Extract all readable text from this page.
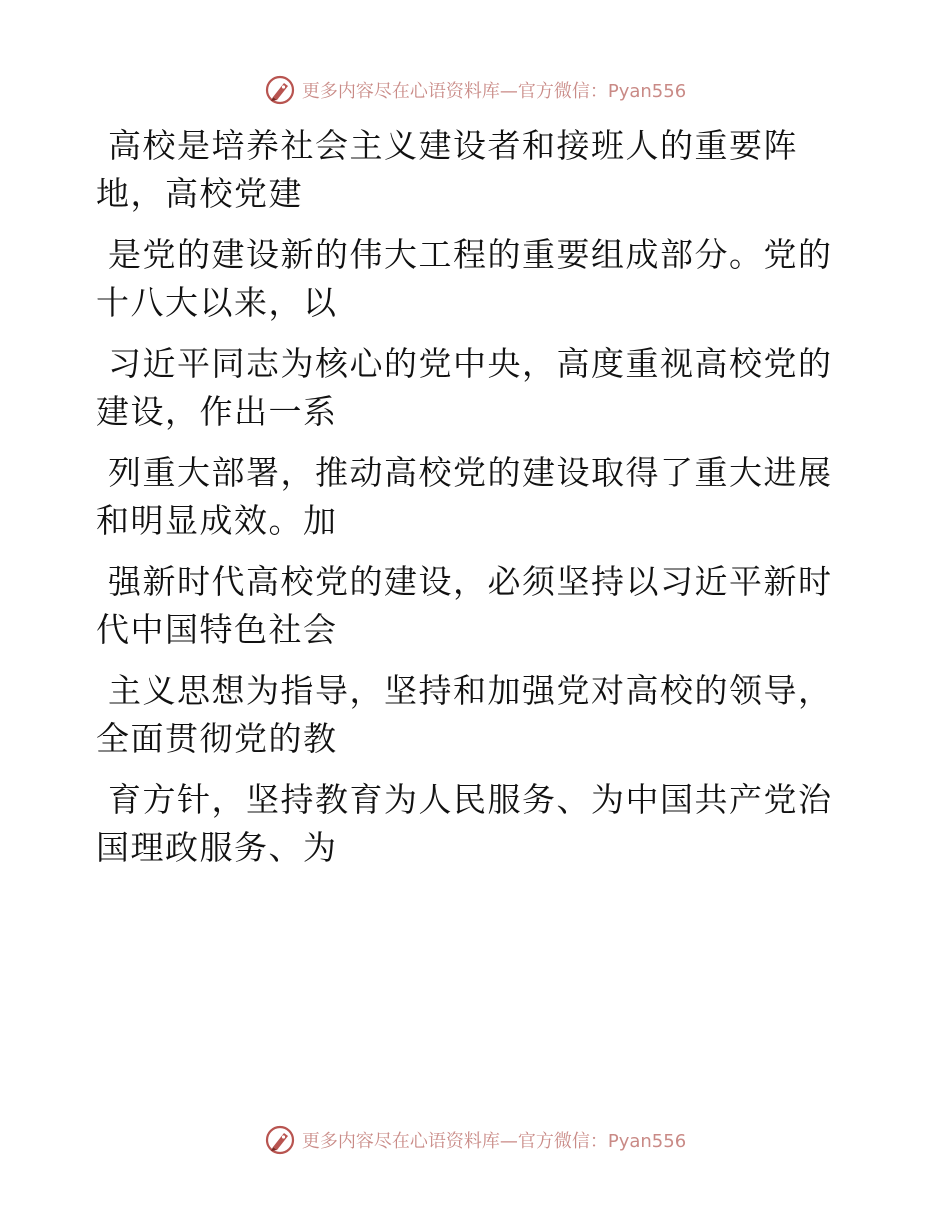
更多内容尽在心语资料库—官方微信：Pyan556

高校是培养社会主义建设者和接班人的重要阵
地，高校党建

是党的建设新的伟大工程的重要组成部分。党的
十八大以来，以

习近平同志为核心的党中央，高度重视高校党的
建设，作出一系

列重大部署，推动高校党的建设取得了重大进展
和明显成效。加

强新时代高校党的建设，必须坚持以习近平新时
代中国特色社会

主义思想为指导，坚持和加强党对高校的领导，
全面贯彻党的教

育方针，坚持教育为人民服务、为中国共产党治
国理政服务、为

更多内容尽在心语资料库—官方微信：Pyan556
